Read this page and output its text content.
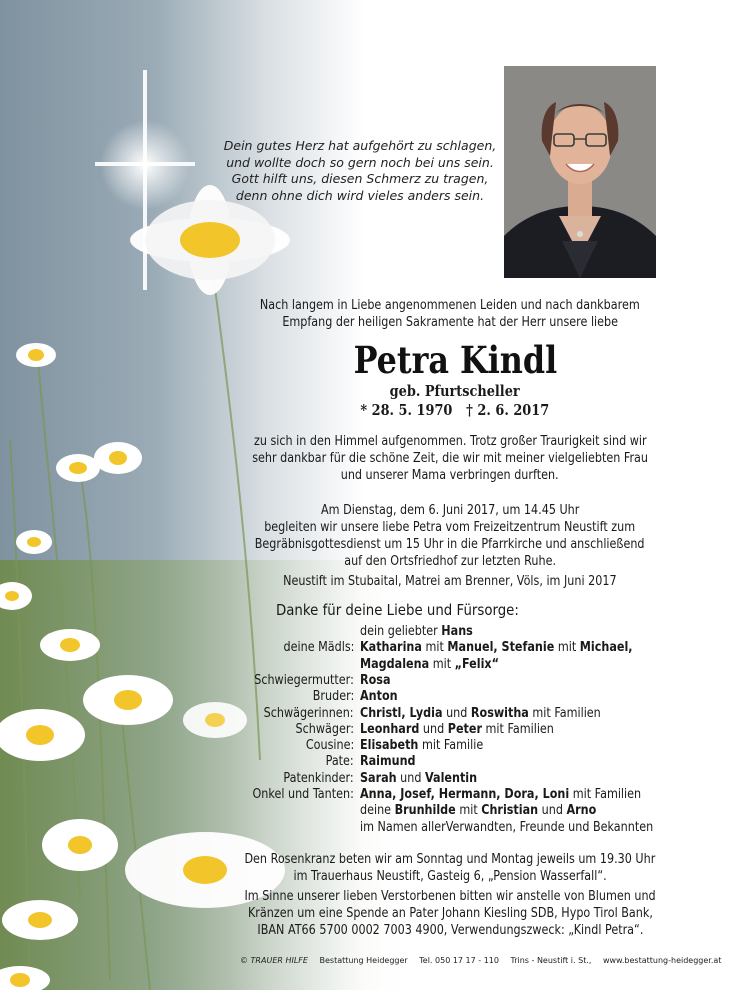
Dein gutes Herz hat aufgehört zu schlagen,
und wollte doch so gern noch bei uns sein.
Gott hilft uns, diesen Schmerz zu tragen,
denn ohne dich wird vieles anders sein.
Nach langem in Liebe angenommenen Leiden und nach dankbarem
Empfang der heiligen Sakramente hat der Herr unsere liebe
Petra Kindl
geb. Pfurtscheller
* 28. 5. 1970 † 2. 6. 2017
zu sich in den Himmel aufgenommen. Trotz großer Traurigkeit sind wir
sehr dankbar für die schöne Zeit, die wir mit meiner vielgeliebten Frau
und unserer Mama verbringen durften.
Am Dienstag, dem 6. Juni 2017, um 14.45 Uhr
begleiten wir unsere liebe Petra vom Freizeitzentrum Neustift zum
Begräbnisgottesdienst um 15 Uhr in die Pfarrkirche und anschließend
auf den Ortsfriedhof zur letzten Ruhe.
Neustift im Stubaital, Matrei am Brenner, Völs, im Juni 2017
Danke für deine Liebe und Fürsorge:
dein geliebter Hans
deine Mädls: Katharina mit Manuel, Stefanie mit Michael,
Magdalena mit „Felix“
Schwiegermutter: Rosa
Bruder: Anton
Schwägerinnen: Christl, Lydia und Roswitha mit Familien
Schwäger: Leonhard und Peter mit Familien
Cousine: Elisabeth mit Familie
Pate: Raimund
Patenkinder: Sarah und Valentin
Onkel und Tanten: Anna, Josef, Hermann, Dora, Loni mit Familien
deine Brunhilde mit Christian und Arno
im Namen allerVerwandten, Freunde und Bekannten
Den Rosenkranz beten wir am Sonntag und Montag jeweils um 19.30 Uhr
im Trauerhaus Neustift, Gasteig 6, „Pension Wasserfall“.
Im Sinne unserer lieben Verstorbenen bitten wir anstelle von Blumen und
Kränzen um eine Spende an Pater Johann Kiesling SDB, Hypo Tirol Bank,
IBAN AT66 5700 0002 7003 4900, Verwendungszweck: „Kindl Petra“.
© TRAUER HILFE Bestattung Heidegger Tel. 050 17 17 - 110 Trins - Neustift i. St., www.bestattung-heidegger.at
